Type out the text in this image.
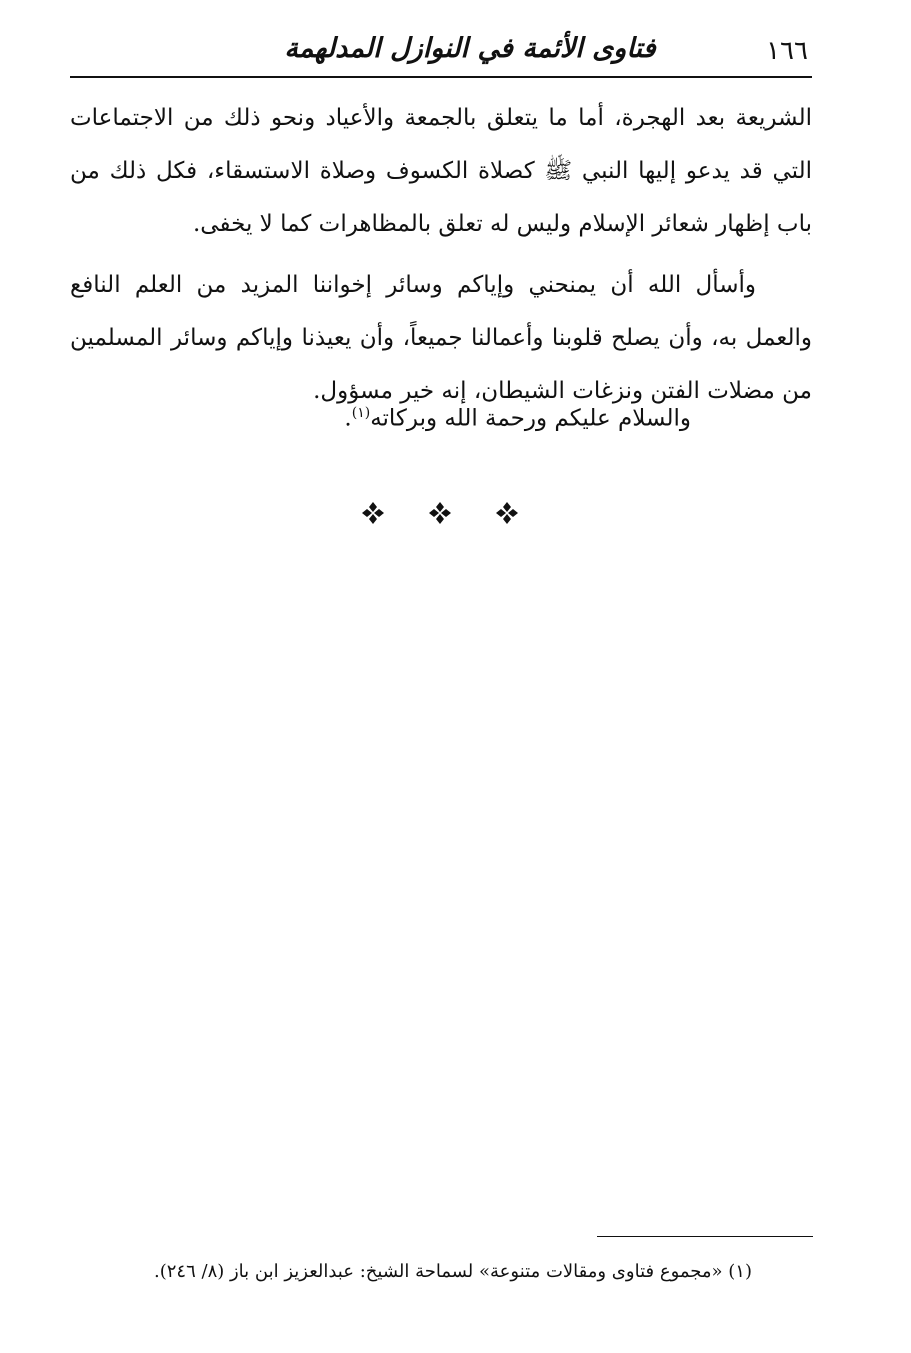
١٦٦
فتاوى الأئمة في النوازل المدلهمة

الشريعة بعد الهجرة، أما ما يتعلق بالجمعة والأعياد ونحو ذلك من الاجتماعات التي قد يدعو إليها النبي ﷺ كصلاة الكسوف وصلاة الاستسقاء، فكل ذلك من باب إظهار شعائر الإسلام وليس له تعلق بالمظاهرات كما لا يخفى.

وأسأل الله أن يمنحني وإياكم وسائر إخواننا المزيد من العلم النافع والعمل به، وأن يصلح قلوبنا وأعمالنا جميعاً، وأن يعيذنا وإياكم وسائر المسلمين من مضلات الفتن ونزغات الشيطان، إنه خير مسؤول.

والسلام عليكم ورحمة الله وبركاته$^{(١)}$.
(١) «مجموع فتاوى ومقالات متنوعة» لسماحة الشيخ: عبدالعزيز ابن باز (٨/ ٢٤٦).
